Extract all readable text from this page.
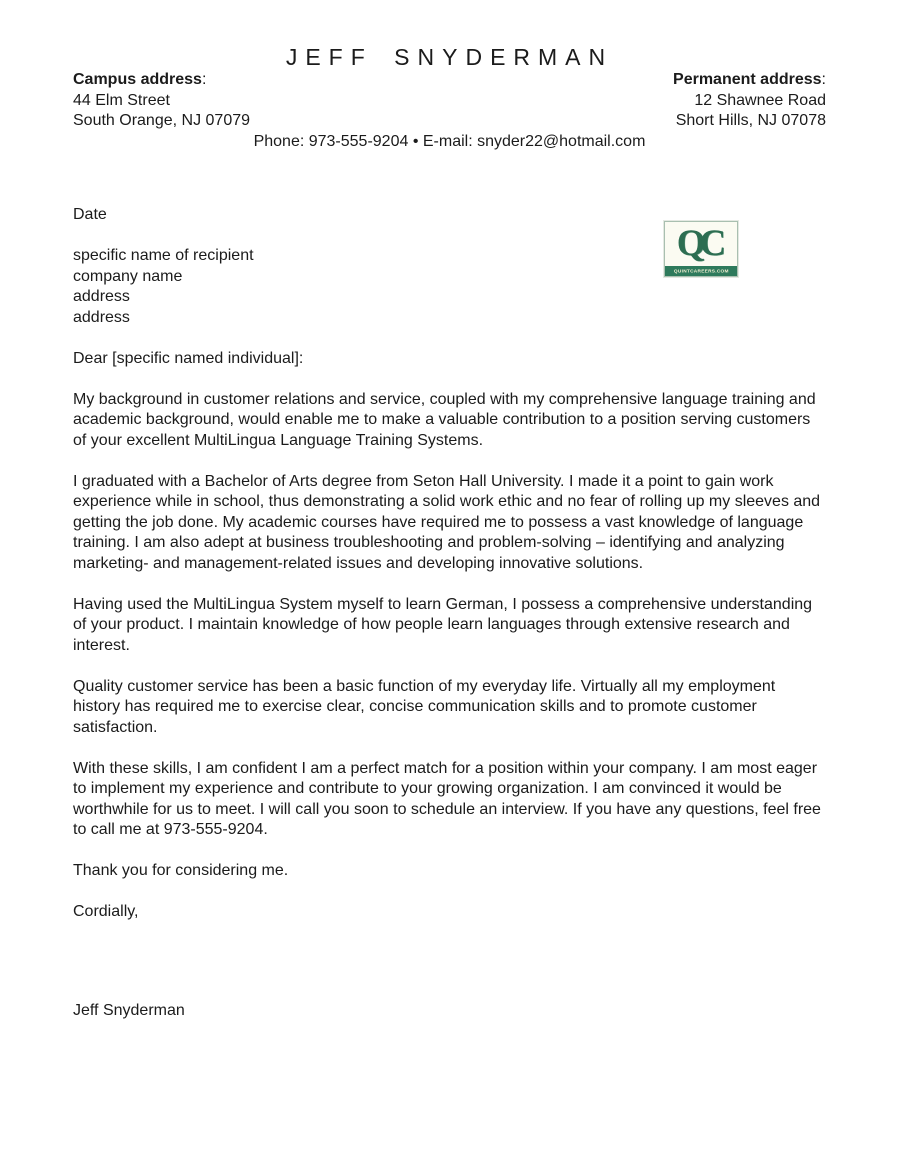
JEFF SNYDERMAN
Campus address:
44 Elm Street
South Orange, NJ 07079
Permanent address:
12 Shawnee Road
Short Hills, NJ 07078
Phone: 973-555-9204 • E-mail: snyder22@hotmail.com

Date

specific name of recipient
company name
address
address

Dear [specific named individual]:

My background in customer relations and service, coupled with my comprehensive language training and academic background, would enable me to make a valuable contribution to a position serving customers of your excellent MultiLingua Language Training Systems.

I graduated with a Bachelor of Arts degree from Seton Hall University. I made it a point to gain work experience while in school, thus demonstrating a solid work ethic and no fear of rolling up my sleeves and getting the job done. My academic courses have required me to possess a vast knowledge of language training. I am also adept at business troubleshooting and problem-solving – identifying and analyzing marketing- and management-related issues and developing innovative solutions.

Having used the MultiLingua System myself to learn German, I possess a comprehensive understanding of your product. I maintain knowledge of how people learn languages through extensive research and interest.

Quality customer service has been a basic function of my everyday life. Virtually all my employment history has required me to exercise clear, concise communication skills and to promote customer satisfaction.

With these skills, I am confident I am a perfect match for a position within your company. I am most eager to implement my experience and contribute to your growing organization. I am convinced it would be worthwhile for us to meet. I will call you soon to schedule an interview. If you have any questions, feel free to call me at 973-555-9204.

Thank you for considering me.

Cordially,

Jeff Snyderman

QC
QUINTCAREERS.COM
